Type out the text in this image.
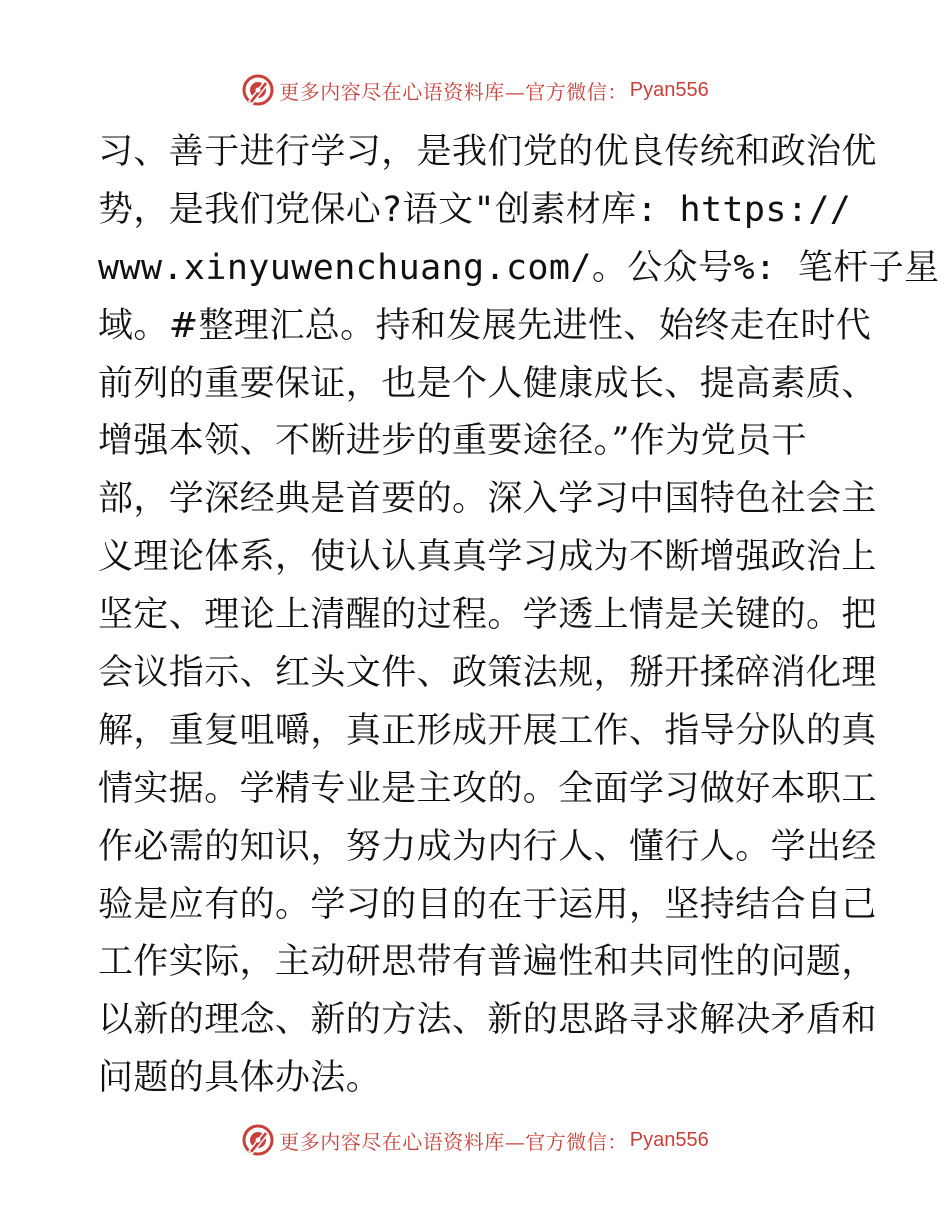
更多内容尽在心语资料库—官方微信： Pyan556
习、善于进行学习，是我们党的优良传统和政治优
势，是我们党保心?语文"创素材库: https://
www.xinyuwenchuang.com/。公众号%: 笔杆子星
域。#整理汇总。持和发展先进性、始终走在时代
前列的重要保证，也是个人健康成长、提高素质、
增强本领、不断进步的重要途径。”作为党员干
部，学深经典是首要的。深入学习中国特色社会主
义理论体系，使认认真真学习成为不断增强政治上
坚定、理论上清醒的过程。学透上情是关键的。把
会议指示、红头文件、政策法规，掰开揉碎消化理
解，重复咀嚼，真正形成开展工作、指导分队的真
情实据。学精专业是主攻的。全面学习做好本职工
作必需的知识，努力成为内行人、懂行人。学出经
验是应有的。学习的目的在于运用，坚持结合自己
工作实际，主动研思带有普遍性和共同性的问题，
以新的理念、新的方法、新的思路寻求解决矛盾和
问题的具体办法。
更多内容尽在心语资料库—官方微信： Pyan556
